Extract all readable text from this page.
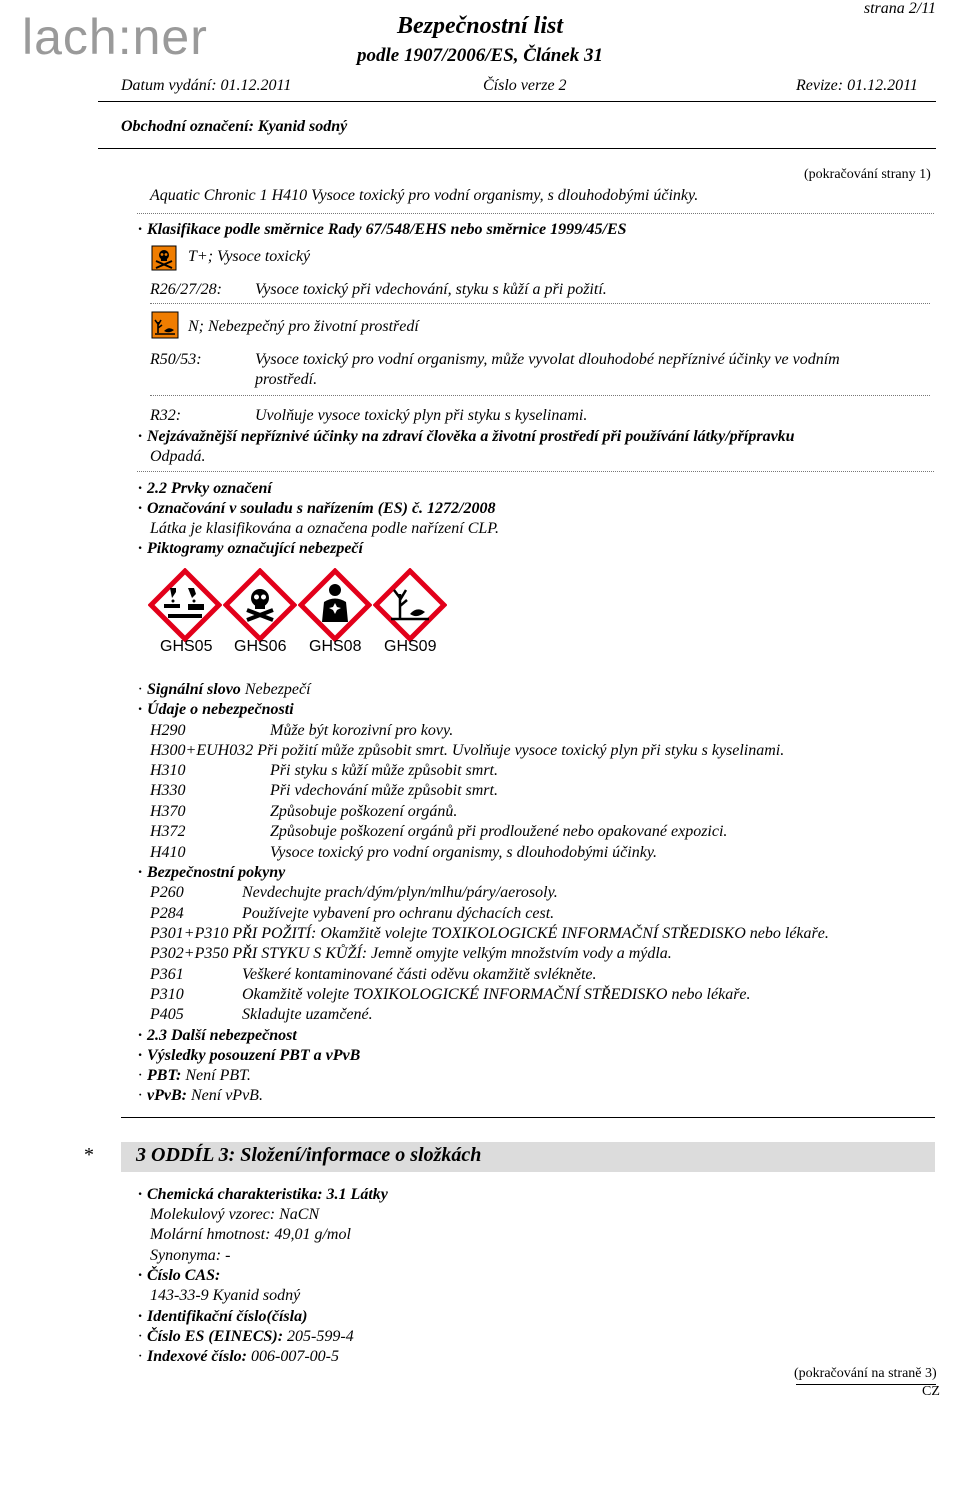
lach:ner
strana 2/11
Bezpečnostní list
podle 1907/2006/ES, Článek 31
Datum vydání: 01.12.2011	Číslo verze 2	Revize: 01.12.2011
Obchodní označení: Kyanid sodný
(pokračování strany 1)
Aquatic Chronic 1 H410 Vysoce toxický pro vodní organismy, s dlouhodobými účinky.
· Klasifikace podle směrnice Rady 67/548/EHS nebo směrnice 1999/45/ES
T+; Vysoce toxický
R26/27/28: Vysoce toxický při vdechování, styku s kůží a při požití.
N; Nebezpečný pro životní prostředí
R50/53:	Vysoce toxický pro vodní organismy, může vyvolat dlouhodobé nepříznivé účinky ve vodním
prostředí.
R32:	Uvolňuje vysoce toxický plyn při styku s kyselinami.
· Nejzávažnější nepříznivé účinky na zdraví člověka a životní prostředí při používání látky/přípravku
Odpadá.
· 2.2 Prvky označení
· Označování v souladu s nařízením (ES) č. 1272/2008
Látka je klasifikována a označena podle nařízení CLP.
· Piktogramy označující nebezpečí
GHS05 GHS06 GHS08 GHS09
· Signální slovo Nebezpečí
· Údaje o nebezpečnosti
H290	Může být korozivní pro kovy.
H300+EUH032 Při požití může způsobit smrt. Uvolňuje vysoce toxický plyn při styku s kyselinami.
H310	Při styku s kůží může způsobit smrt.
H330	Při vdechování může způsobit smrt.
H370	Způsobuje poškození orgánů.
H372	Způsobuje poškození orgánů při prodloužené nebo opakované expozici.
H410	Vysoce toxický pro vodní organismy, s dlouhodobými účinky.
· Bezpečnostní pokyny
P260	Nevdechujte prach/dým/plyn/mlhu/páry/aerosoly.
P284	Používejte vybavení pro ochranu dýchacích cest.
P301+P310 PŘI POŽITÍ: Okamžitě volejte TOXIKOLOGICKÉ INFORMAČNÍ STŘEDISKO nebo lékaře.
P302+P350 PŘI STYKU S KŮŽÍ: Jemně omyjte velkým množstvím vody a mýdla.
P361	Veškeré kontaminované části oděvu okamžitě svlékněte.
P310	Okamžitě volejte TOXIKOLOGICKÉ INFORMAČNÍ STŘEDISKO nebo lékaře.
P405	Skladujte uzamčené.
· 2.3 Další nebezpečnost
· Výsledky posouzení PBT a vPvB
· PBT: Není PBT.
· vPvB: Není vPvB.
* 3 ODDÍL 3: Složení/informace o složkách
· Chemická charakteristika: 3.1 Látky
Molekulový vzorec: NaCN
Molární hmotnost: 49,01 g/mol
Synonyma: -
· Číslo CAS:
143-33-9 Kyanid sodný
· Identifikační číslo(čísla)
· Číslo ES (EINECS): 205-599-4
· Indexové číslo: 006-007-00-5
(pokračování na straně 3)
CZ
